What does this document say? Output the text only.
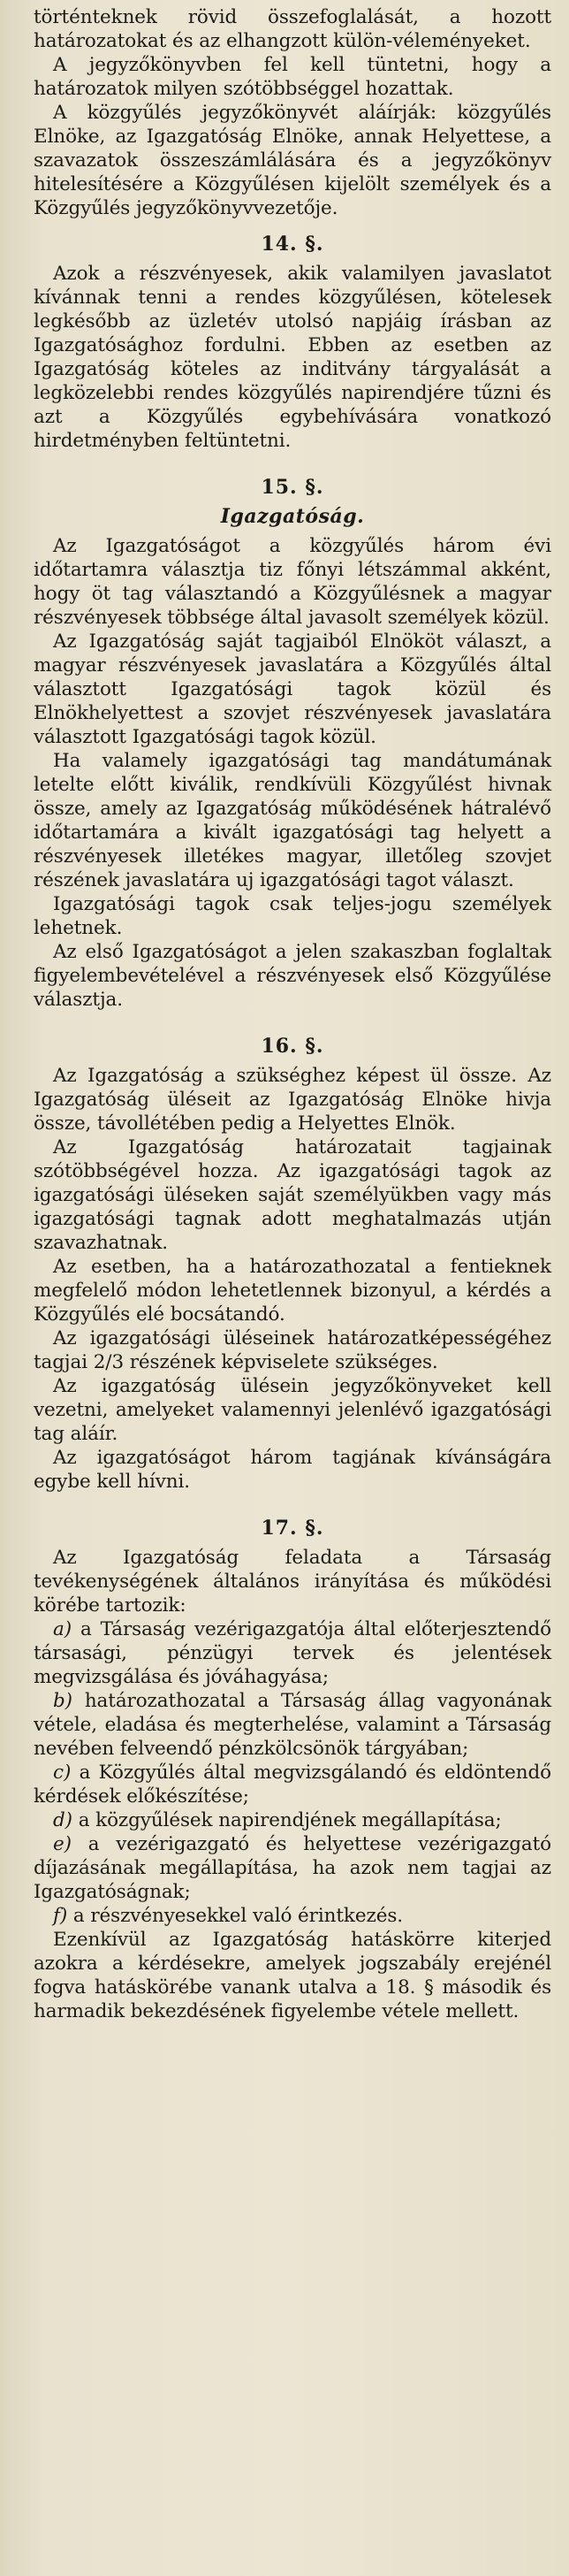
történteknek rövid összefoglalását, a hozott határozatokat és az elhangzott külön-véleményeket.

A jegyzőkönyvben fel kell tüntetni, hogy a határozatok milyen szótöbbséggel hozattak.

A közgyűlés jegyzőkönyvét aláírják: közgyűlés Elnöke, az Igazgatóság Elnöke, annak Helyettese, a szavazatok összeszámlálására és a jegyzőkönyv hitelesítésére a Közgyűlésen kijelölt személyek és a Közgyűlés jegyzőkönyvvezetője.

14. §.

Azok a részvényesek, akik valamilyen javaslatot kívánnak tenni a rendes közgyűlésen, kötelesek legkésőbb az üzletév utolsó napjáig írásban az Igazgatósághoz fordulni. Ebben az esetben az Igazgatóság köteles az inditvány tárgyalását a legközelebbi rendes közgyűlés napirendjére tűzni és azt a Közgyűlés egybehívására vonatkozó hirdetményben feltüntetni.

15. §.
Igazgatóság.

Az Igazgatóságot a közgyűlés három évi időtartamra választja tiz főnyi létszámmal akként, hogy öt tag választandó a Közgyűlésnek a magyar részvényesek többsége által javasolt személyek közül.

Az Igazgatóság saját tagjaiból Elnököt választ, a magyar részvényesek javaslatára a Közgyűlés által választott Igazgatósági tagok közül és Elnökhelyettest a szovjet részvényesek javaslatára választott Igazgatósági tagok közül.

Ha valamely igazgatósági tag mandátumának letelte előtt kiválik, rendkívüli Közgyűlést hivnak össze, amely az Igazgatóság működésének hátralévő időtartamára a kivált igazgatósági tag helyett a részvényesek illetékes magyar, illetőleg szovjet részének javaslatára uj igazgatósági tagot választ.

Igazgatósági tagok csak teljes-jogu személyek lehetnek.

Az első Igazgatóságot a jelen szakaszban foglaltak figyelembevételével a részvényesek első Közgyűlése választja.

16. §.

Az Igazgatóság a szükséghez képest ül össze. Az Igazgatóság üléseit az Igazgatóság Elnöke hivja össze, távollétében pedig a Helyettes Elnök.

Az Igazgatóság határozatait tagjainak szótöbbségével hozza. Az igazgatósági tagok az igazgatósági üléseken saját személyükben vagy más igazgatósági tagnak adott meghatalmazás utján szavazhatnak.

Az esetben, ha a határozathozatal a fentieknek megfelelő módon lehetetlennek bizonyul, a kérdés a Közgyűlés elé bocsátandó.

Az igazgatósági üléseinek határozatképességéhez tagjai 2/3 részének képviselete szükséges.

Az igazgatóság ülésein jegyzőkönyveket kell vezetni, amelyeket valamennyi jelenlévő igazgatósági tag aláír.

Az igazgatóságot három tagjának kívánságára egybe kell hívni.

17. §.

Az Igazgatóság feladata a Társaság tevékenységének általános irányítása és működési körébe tartozik:

a) a Társaság vezérigazgatója által előterjesztendő társasági, pénzügyi tervek és jelentések megvizsgálása és jóváhagyása;

b) határozathozatal a Társaság állag vagyonának vétele, eladása és megterhelése, valamint a Társaság nevében felveendő pénzkölcsönök tárgyában;

c) a Közgyűlés által megvizsgálandó és eldöntendő kérdések előkészítése;

d) a közgyűlések napirendjének megállapítása;

e) a vezérigazgató és helyettese vezérigazgató díjazásának megállapítása, ha azok nem tagjai az Igazgatóságnak;

f) a részvényesekkel való érintkezés.

Ezenkívül az Igazgatóság hatáskörre kiterjed azokra a kérdésekre, amelyek jogszabály erejénél fogva hatáskörébe vanank utalva a 18. § második és harmadik bekezdésének figyelembe vétele mellett.
